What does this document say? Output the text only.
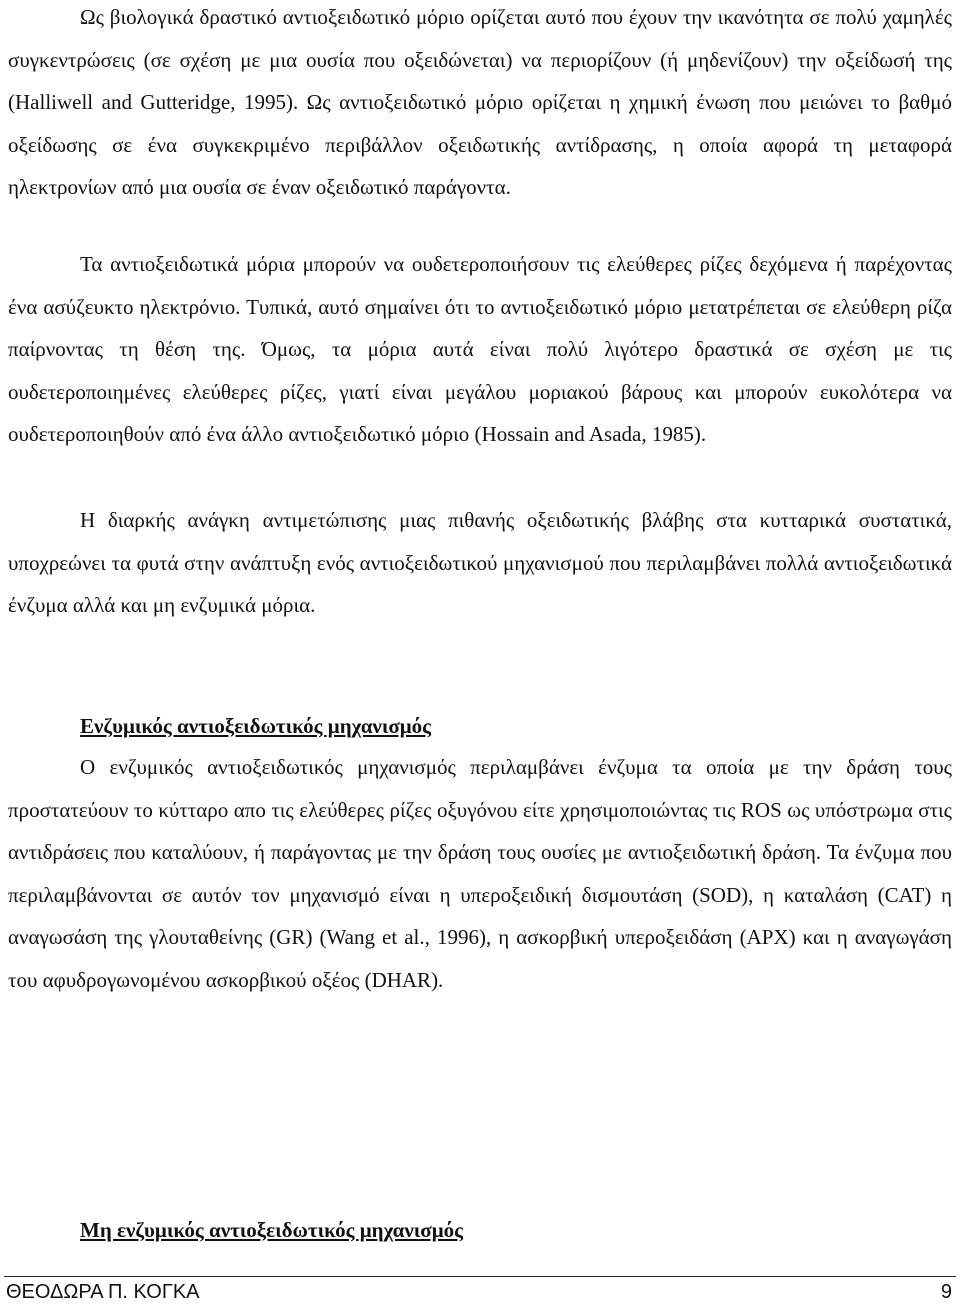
Ως βιολογικά δραστικό αντιοξειδωτικό μόριο ορίζεται αυτό που έχουν την ικανότητα σε πολύ χαμηλές συγκεντρώσεις (σε σχέση με μια ουσία που οξειδώνεται) να περιορίζουν (ή μηδενίζουν) την οξείδωσή της (Halliwell and Gutteridge, 1995). Ως αντιοξειδωτικό μόριο ορίζεται η χημική ένωση που μειώνει το βαθμό οξείδωσης σε ένα συγκεκριμένο περιβάλλον οξειδωτικής αντίδρασης, η οποία αφορά τη μεταφορά ηλεκτρονίων από μια ουσία σε έναν οξειδωτικό παράγοντα.

Τα αντιοξειδωτικά μόρια μπορούν να ουδετεροποιήσουν τις ελεύθερες ρίζες δεχόμενα ή παρέχοντας ένα ασύζευκτο ηλεκτρόνιο. Τυπικά, αυτό σημαίνει ότι το αντιοξειδωτικό μόριο μετατρέπεται σε ελεύθερη ρίζα παίρνοντας τη θέση της. Όμως, τα μόρια αυτά είναι πολύ λιγότερο δραστικά σε σχέση με τις ουδετεροποιημένες ελεύθερες ρίζες, γιατί είναι μεγάλου μοριακού βάρους και μπορούν ευκολότερα να ουδετεροποιηθούν από ένα άλλο αντιοξειδωτικό μόριο (Hossain and Asada, 1985).

Η διαρκής ανάγκη αντιμετώπισης μιας πιθανής οξειδωτικής βλάβης στα κυτταρικά συστατικά, υποχρεώνει τα φυτά στην ανάπτυξη ενός αντιοξειδωτικού μηχανισμού που περιλαμβάνει πολλά αντιοξειδωτικά ένζυμα αλλά και μη ενζυμικά μόρια.

Ενζυμικός αντιοξειδωτικός μηχανισμός

Ο ενζυμικός αντιοξειδωτικός μηχανισμός περιλαμβάνει ένζυμα τα οποία με την δράση τους προστατεύουν το κύτταρο απο τις ελεύθερες ρίζες οξυγόνου είτε χρησιμοποιώντας τις ROS ως υπόστρωμα στις αντιδράσεις που καταλύουν, ή παράγοντας με την δράση τους ουσίες με αντιοξειδωτική δράση. Τα ένζυμα που περιλαμβάνονται σε αυτόν τον μηχανισμό είναι η υπεροξειδική δισμουτάση (SOD), η καταλάση (CAT) η αναγωσάση της γλουταθείνης (GR) (Wang et al., 1996), η ασκορβική υπεροξειδάση (APX) και η αναγωγάση του αφυδρογωνομένου ασκορβικού οξέος (DHAR).

Μη ενζυμικός αντιοξειδωτικός μηχανισμός
ΘΕΟΔΩΡΑ Π. ΚΟΓΚΑ	9
